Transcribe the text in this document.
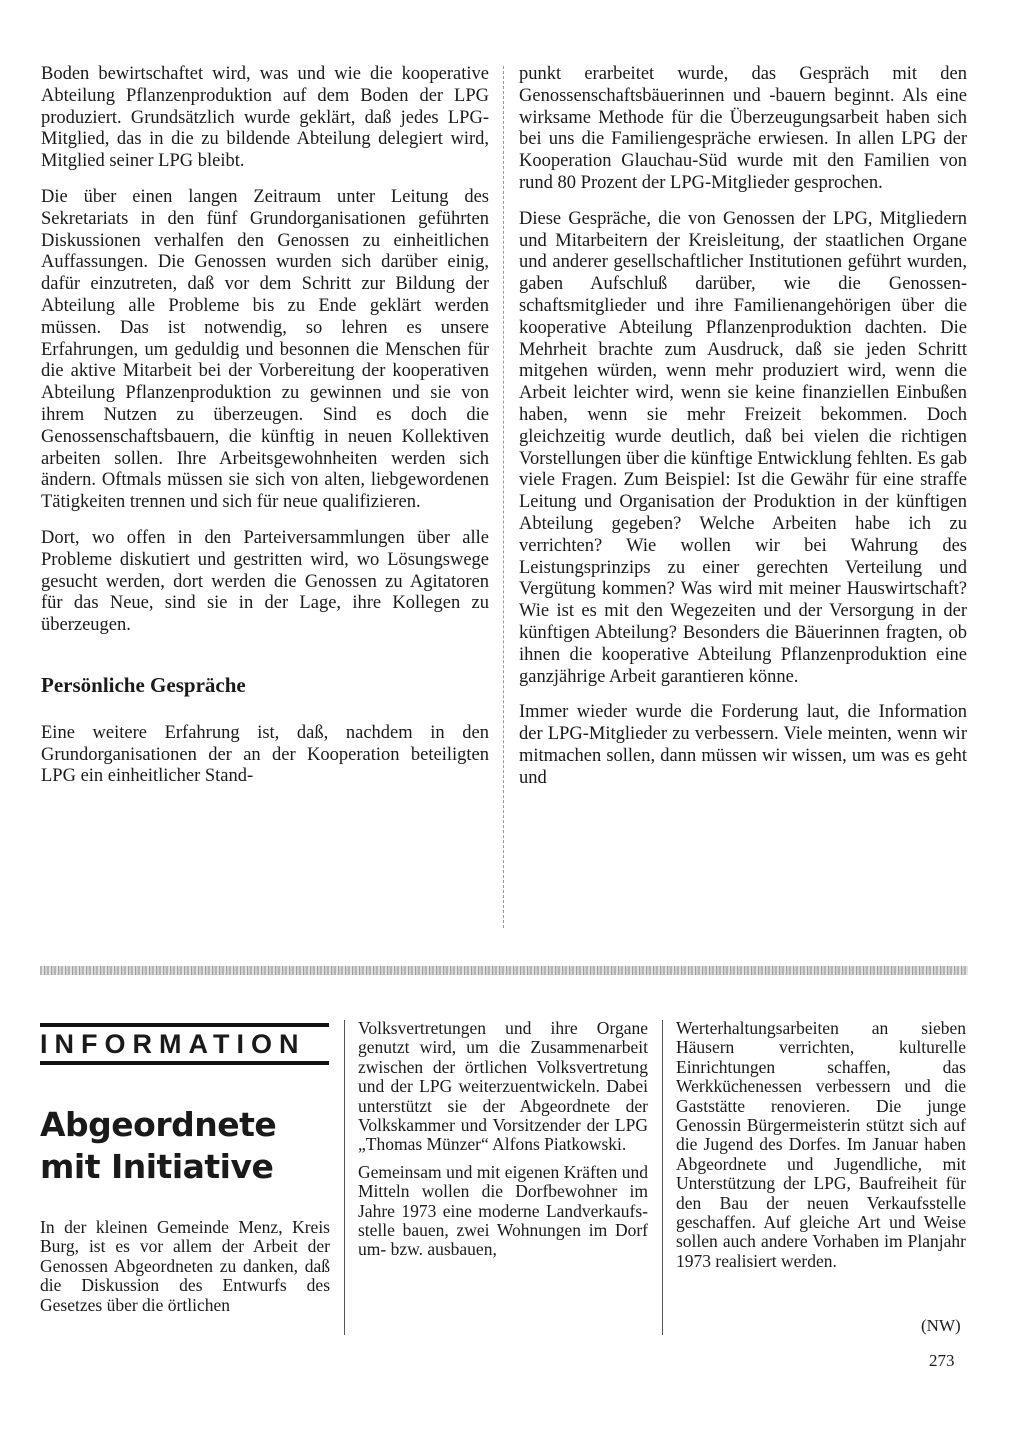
Boden bewirtschaftet wird, was und wie die kooperative Abteilung Pflanzenproduktion auf dem Boden der LPG produziert. Grundsätzlich wurde geklärt, daß jedes LPG-Mitglied, das in die zu bildende Abteilung delegiert wird, Mitglied seiner LPG bleibt.

Die über einen langen Zeitraum unter Leitung des Sekretariats in den fünf Grundorganisationen geführten Diskussionen verhalfen den Genossen zu einheitlichen Auffassungen. Die Genossen wurden sich darüber einig, dafür einzutreten, daß vor dem Schritt zur Bildung der Abteilung alle Probleme bis zu Ende geklärt werden müssen. Das ist notwendig, so lehren es unsere Erfahrungen, um geduldig und besonnen die Menschen für die aktive Mitarbeit bei der Vorbereitung der kooperativen Abteilung Pflanzenproduktion zu gewinnen und sie von ihrem Nutzen zu überzeugen. Sind es doch die Genossenschaftsbauern, die künftig in neuen Kollektiven arbeiten sollen. Ihre Arbeitsgewohnheiten werden sich ändern. Oftmals müssen sie sich von alten, liebgewordenen Tätigkeiten trennen und sich für neue qualifizieren.

Dort, wo offen in den Parteiversammlungen über alle Probleme diskutiert und gestritten wird, wo Lösungswege gesucht werden, dort werden die Genossen zu Agitatoren für das Neue, sind sie in der Lage, ihre Kollegen zu überzeugen.

Persönliche Gespräche

Eine weitere Erfahrung ist, daß, nachdem in den Grundorganisationen der an der Kooperation beteiligten LPG ein einheitlicher Stand-

punkt erarbeitet wurde, das Gespräch mit den Genossenschaftsbäuerinnen und -bauern beginnt. Als eine wirksame Methode für die Überzeugungsarbeit haben sich bei uns die Familiengespräche erwiesen. In allen LPG der Kooperation Glauchau-Süd wurde mit den Familien von rund 80 Prozent der LPG-Mitglieder gesprochen.

Diese Gespräche, die von Genossen der LPG, Mitgliedern und Mitarbeitern der Kreisleitung, der staatlichen Organe und anderer gesellschaftlicher Institutionen geführt wurden, gaben Aufschluß darüber, wie die Genossenschaftsmitglieder und ihre Familienangehörigen über die kooperative Abteilung Pflanzenproduktion dachten. Die Mehrheit brachte zum Ausdruck, daß sie jeden Schritt mitgehen würden, wenn mehr produziert wird, wenn die Arbeit leichter wird, wenn sie keine finanziellen Einbußen haben, wenn sie mehr Freizeit bekommen. Doch gleichzeitig wurde deutlich, daß bei vielen die richtigen Vorstellungen über die künftige Entwicklung fehlten. Es gab viele Fragen. Zum Beispiel: Ist die Gewähr für eine straffe Leitung und Organisation der Produktion in der künftigen Abteilung gegeben? Welche Arbeiten habe ich zu verrichten? Wie wollen wir bei Wahrung des Leistungsprinzips zu einer gerechten Verteilung und Vergütung kommen? Was wird mit meiner Hauswirtschaft? Wie ist es mit den Wegezeiten und der Versorgung in der künftigen Abteilung? Besonders die Bäuerinnen fragten, ob ihnen die kooperative Abteilung Pflanzenproduktion eine ganzjährige Arbeit garantieren könne.

Immer wieder wurde die Forderung laut, die Information der LPG-Mitglieder zu verbessern. Viele meinten, wenn wir mitmachen sollen, dann müssen wir wissen, um was es geht und

INFORMATION
Abgeordnete
mit Initiative

In der kleinen Gemeinde Menz, Kreis Burg, ist es vor allem der Arbeit der Genossen Abgeordneten zu danken, daß die Diskussion des Entwurfs des Gesetzes über die örtlichen

Volksvertretungen und ihre Organe genutzt wird, um die Zusammenarbeit zwischen der örtlichen Volksvertretung und der LPG weiterzuentwickeln. Dabei unterstützt sie der Abgeordnete der Volkskammer und Vorsitzender der LPG „Thomas Münzer“ Alfons Piatkowski.

Gemeinsam und mit eigenen Kräften und Mitteln wollen die Dorfbewohner im Jahre 1973 eine moderne Landverkaufsstelle bauen, zwei Wohnungen im Dorf um- bzw. ausbauen,

Werterhaltungsarbeiten an sieben Häusern verrichten, kulturelle Einrichtungen schaffen, das Werkküchenessen verbessern und die Gaststätte renovieren. Die junge Genossin Bürgermeisterin stützt sich auf die Jugend des Dorfes. Im Januar haben Abgeordnete und Jugendliche, mit Unterstützung der LPG, Baufreiheit für den Bau der neuen Verkaufsstelle geschaffen. Auf gleiche Art und Weise sollen auch andere Vorhaben im Planjahr 1973 realisiert werden.

(NW)
273
